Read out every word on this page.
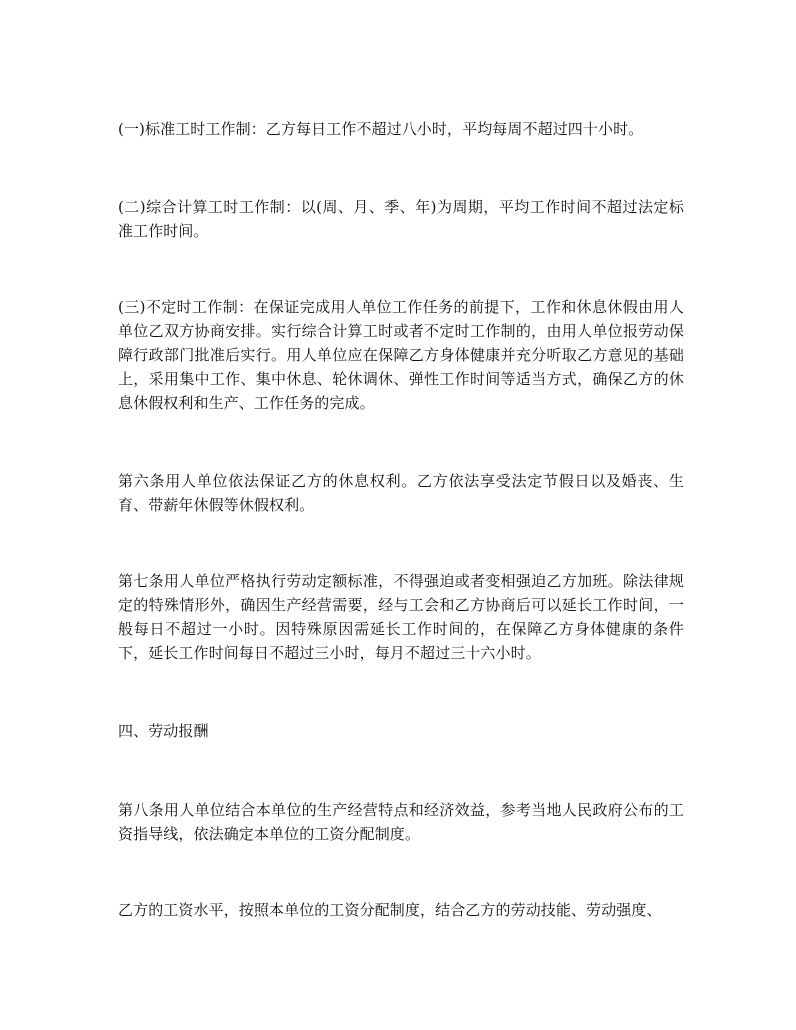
(一)标准工时工作制：乙方每日工作不超过八小时，平均每周不超过四十小时。

(二)综合计算工时工作制：以(周、月、季、年)为周期，平均工作时间不超过法定标准工作时间。

(三)不定时工作制：在保证完成用人单位工作任务的前提下，工作和休息休假由用人单位乙双方协商安排。实行综合计算工时或者不定时工作制的，由用人单位报劳动保障行政部门批准后实行。用人单位应在保障乙方身体健康并充分听取乙方意见的基础上，采用集中工作、集中休息、轮休调休、弹性工作时间等适当方式，确保乙方的休息休假权利和生产、工作任务的完成。

第六条用人单位依法保证乙方的休息权利。乙方依法享受法定节假日以及婚丧、生育、带薪年休假等休假权利。

第七条用人单位严格执行劳动定额标准，不得强迫或者变相强迫乙方加班。除法律规定的特殊情形外，确因生产经营需要，经与工会和乙方协商后可以延长工作时间，一般每日不超过一小时。因特殊原因需延长工作时间的，在保障乙方身体健康的条件下，延长工作时间每日不超过三小时，每月不超过三十六小时。

四、劳动报酬

第八条用人单位结合本单位的生产经营特点和经济效益，参考当地人民政府公布的工资指导线，依法确定本单位的工资分配制度。

乙方的工资水平，按照本单位的工资分配制度，结合乙方的劳动技能、劳动强度、
